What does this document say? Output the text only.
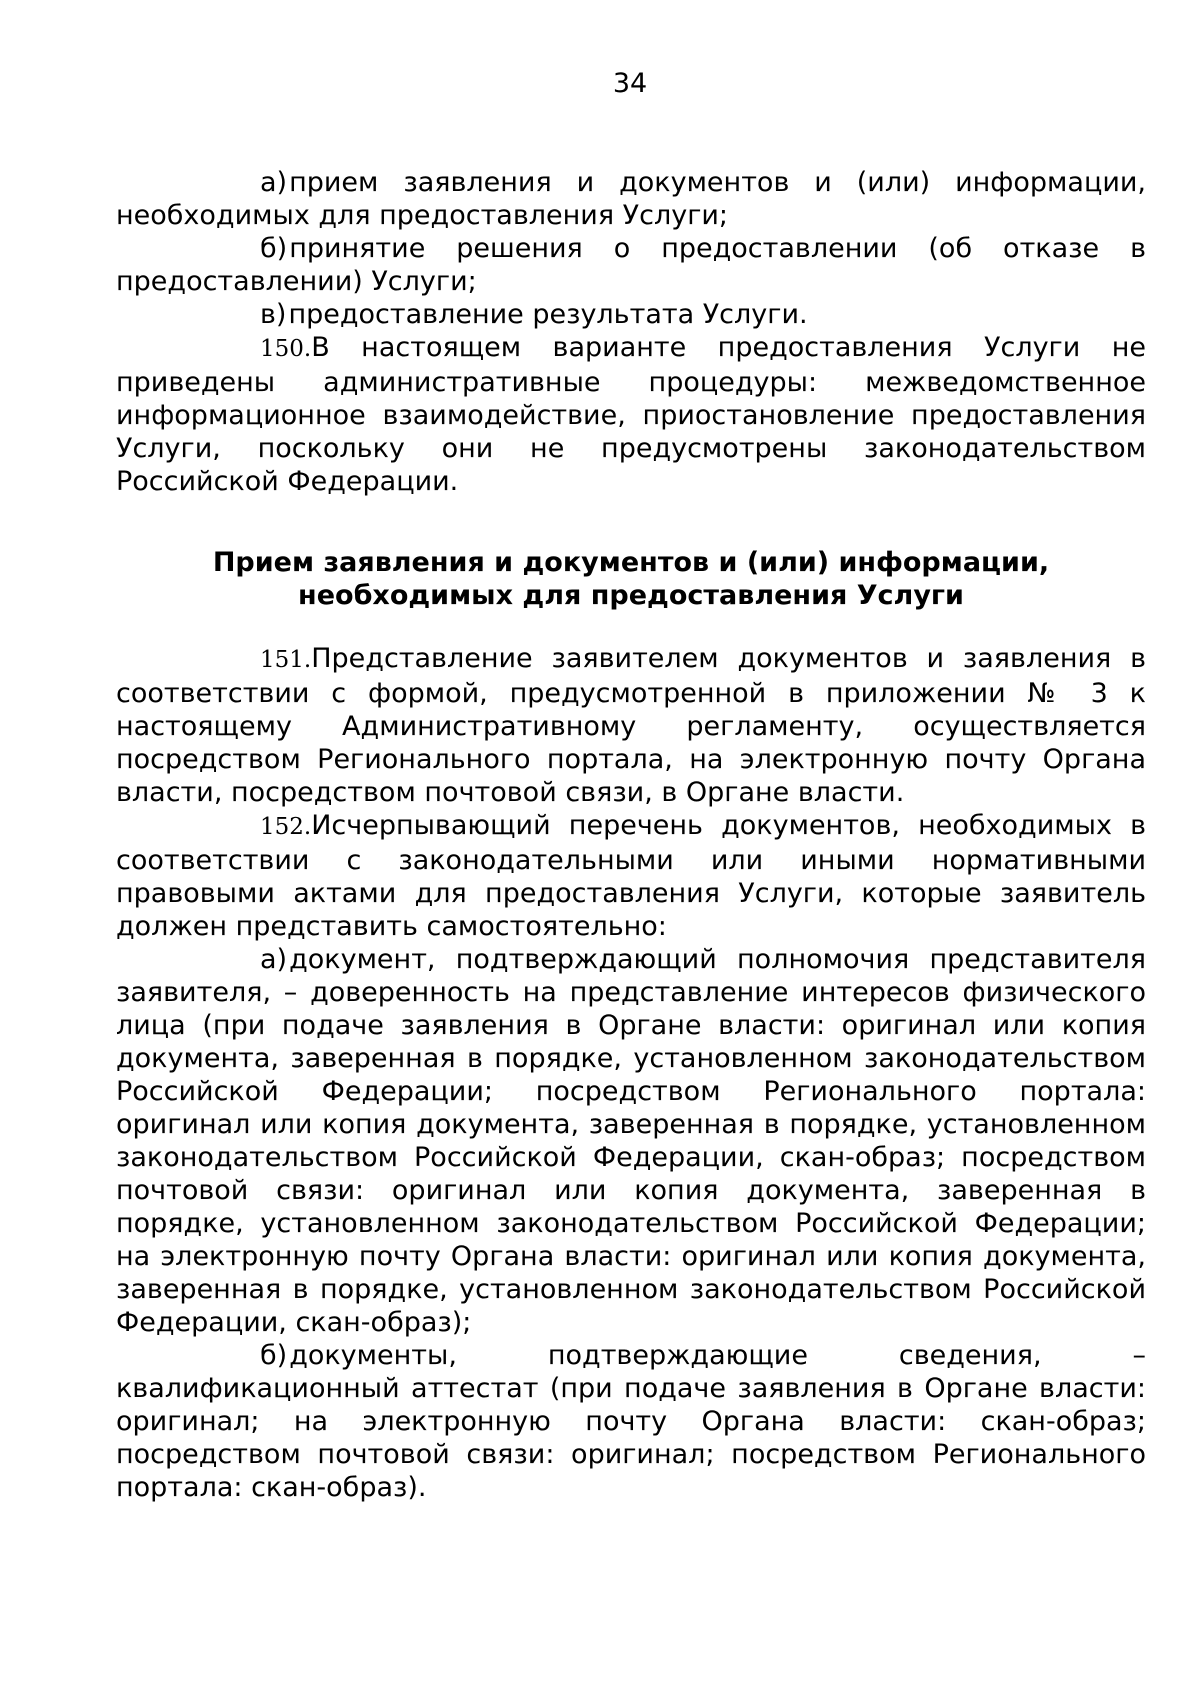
34

а)прием заявления и документов и (или) информации, необходимых для предоставления Услуги;

б)принятие решения о предоставлении (об отказе в предоставлении) Услуги;

в)предоставление результата Услуги.

150.В настоящем варианте предоставления Услуги не приведены административные процедуры: межведомственное информационное взаимодействие, приостановление предоставления Услуги, поскольку они не предусмотрены законодательством Российской Федерации.

Прием заявления и документов и (или) информации,
необходимых для предоставления Услуги

151.Представление заявителем документов и заявления в соответствии с формой, предусмотренной в приложении № 3 к настоящему Административному регламенту, осуществляется посредством Регионального портала, на электронную почту Органа власти, посредством почтовой связи, в Органе власти.

152.Исчерпывающий перечень документов, необходимых в соответствии с законодательными или иными нормативными правовыми актами для предоставления Услуги, которые заявитель должен представить самостоятельно:

а)документ, подтверждающий полномочия представителя заявителя, – доверенность на представление интересов физического лица (при подаче заявления в Органе власти: оригинал или копия документа, заверенная в порядке, установленном законодательством Российской Федерации; посредством Регионального портала: оригинал или копия документа, заверенная в порядке, установленном законодательством Российской Федерации, скан-образ; посредством почтовой связи: оригинал или копия документа, заверенная в порядке, установленном законодательством Российской Федерации; на электронную почту Органа власти: оригинал или копия документа, заверенная в порядке, установленном законодательством Российской Федерации, скан-образ);

б)документы, подтверждающие сведения, – квалификационный аттестат (при подаче заявления в Органе власти: оригинал; на электронную почту Органа власти: скан-образ; посредством почтовой связи: оригинал; посредством Регионального портала: скан-образ).
